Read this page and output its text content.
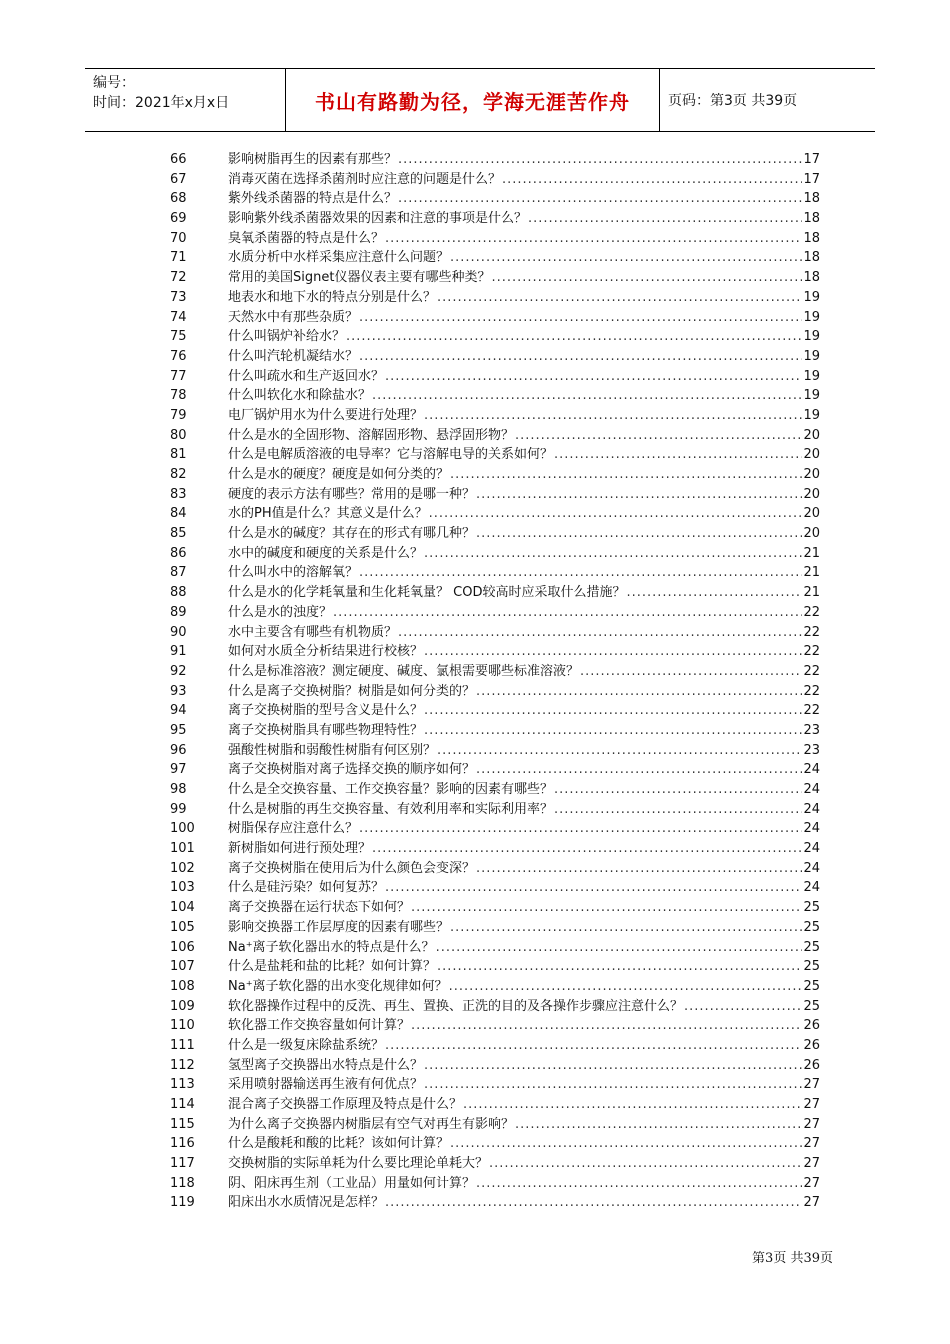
编号：
时间：2021年x月x日	书山有路勤为径，学海无涯苦作舟	页码：第3页 共39页
66	影响树脂再生的因素有那些？ .....	17
67	消毒灭菌在选择杀菌剂时应注意的问题是什么？ .....	17
68	紫外线杀菌器的特点是什么？ .....	18
69	影响紫外线杀菌器效果的因素和注意的事项是什么？ .....	18
70	臭氧杀菌器的特点是什么？ .....	18
71	水质分析中水样采集应注意什么问题？ .....	18
72	常用的美国Signet仪器仪表主要有哪些种类？ .....	18
73	地表水和地下水的特点分别是什么？ .....	19
74	天然水中有那些杂质？ .....	19
75	什么叫锅炉补给水？ .....	19
76	什么叫汽轮机凝结水？ .....	19
77	什么叫疏水和生产返回水？ .....	19
78	什么叫软化水和除盐水？ .....	19
79	电厂锅炉用水为什么要进行处理？ .....	19
80	什么是水的全固形物、溶解固形物、悬浮固形物？ .....	20
81	什么是电解质溶液的电导率？它与溶解电导的关系如何？ .....	20
82	什么是水的硬度？硬度是如何分类的？ .....	20
83	硬度的表示方法有哪些？常用的是哪一种？ .....	20
84	水的PH值是什么？其意义是什么？ .....	20
85	什么是水的碱度？其存在的形式有哪几种？ .....	20
86	水中的碱度和硬度的关系是什么？ .....	21
87	什么叫水中的溶解氧？ .....	21
88	什么是水的化学耗氧量和生化耗氧量？ COD较高时应采取什么措施？ .....	21
89	什么是水的浊度？ .....	22
90	水中主要含有哪些有机物质？ .....	22
91	如何对水质全分析结果进行校核？ .....	22
92	什么是标准溶液？测定硬度、碱度、氯根需要哪些标准溶液？ .....	22
93	什么是离子交换树脂？树脂是如何分类的？ .....	22
94	离子交换树脂的型号含义是什么？ .....	22
95	离子交换树脂具有哪些物理特性？ .....	23
96	强酸性树脂和弱酸性树脂有何区别？ .....	23
97	离子交换树脂对离子选择交换的顺序如何？ .....	24
98	什么是全交换容量、工作交换容量？影响的因素有哪些？ .....	24
99	什么是树脂的再生交换容量、有效利用率和实际利用率？ .....	24
100	树脂保存应注意什么？ .....	24
101	新树脂如何进行预处理？ .....	24
102	离子交换树脂在使用后为什么颜色会变深？ .....	24
103	什么是硅污染？如何复苏？ .....	24
104	离子交换器在运行状态下如何？ .....	25
105	影响交换器工作层厚度的因素有哪些？ .....	25
106	Na⁺离子软化器出水的特点是什么？ .....	25
107	什么是盐耗和盐的比耗？如何计算？ .....	25
108	Na⁺离子软化器的出水变化规律如何？ .....	25
109	软化器操作过程中的反洗、再生、置换、正洗的目的及各操作步骤应注意什么？ .....	25
110	软化器工作交换容量如何计算？ .....	26
111	什么是一级复床除盐系统？ .....	26
112	氢型离子交换器出水特点是什么？ .....	26
113	采用喷射器输送再生液有何优点？ .....	27
114	混合离子交换器工作原理及特点是什么？ .....	27
115	为什么离子交换器内树脂层有空气对再生有影响？ .....	27
116	什么是酸耗和酸的比耗？该如何计算？ .....	27
117	交换树脂的实际单耗为什么要比理论单耗大？ .....	27
118	阴、阳床再生剂（工业品）用量如何计算？ .....	27
119	阳床出水水质情况是怎样？ .....	27
第3页 共39页
